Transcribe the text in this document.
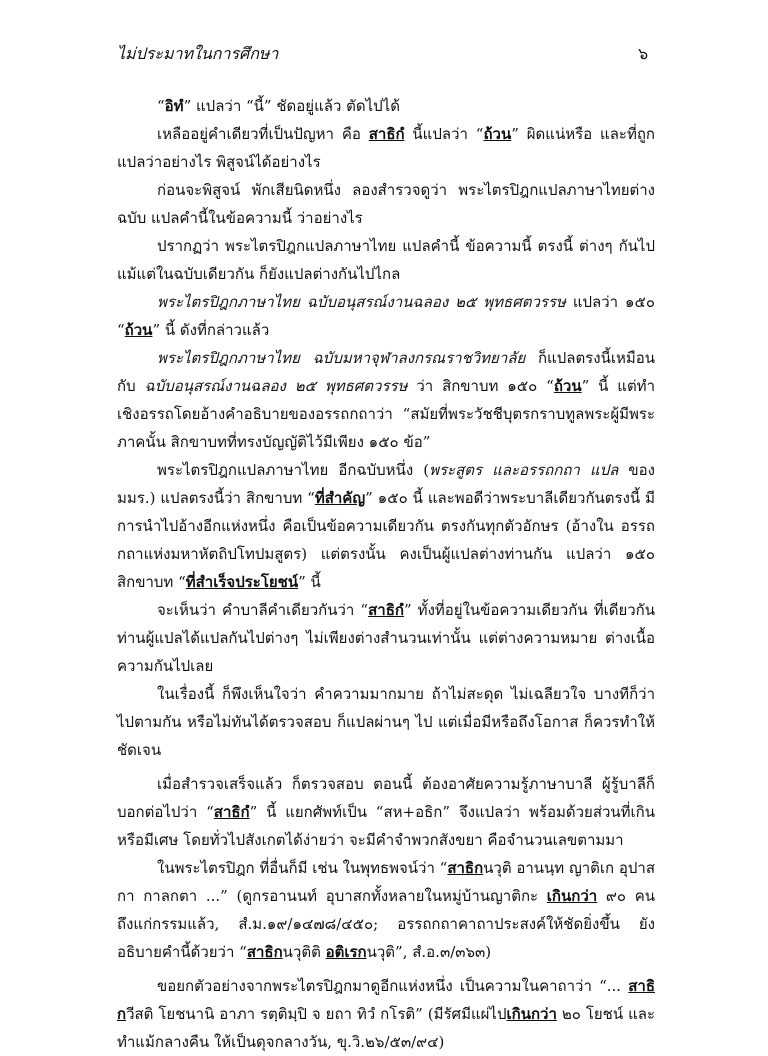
ไม่ประมาทในการศึกษา	๖

“อิทํ” แปลว่า “นี้” ชัดอยู่แล้ว ตัดไปได้

เหลืออยู่คำเดียวที่เป็นปัญหา คือ สาธิกํ นี้แปลว่า “ถ้วน” ผิดแน่หรือ และที่ถูกแปลว่าอย่างไร พิสูจน์ได้อย่างไร

ก่อนจะพิสูจน์ พักเสียนิดหนึ่ง ลองสำรวจดูว่า พระไตรปิฎกแปลภาษาไทยต่างฉบับ แปลคำนี้ในข้อความนี้ ว่าอย่างไร

ปรากฏว่า พระไตรปิฎกแปลภาษาไทย แปลคำนี้ ข้อความนี้ ตรงนี้ ต่างๆ กันไป แม้แต่ในฉบับเดียวกัน ก็ยังแปลต่างกันไปไกล

พระไตรปิฎกภาษาไทย ฉบับอนุสรณ์งานฉลอง ๒๕ พุทธศตวรรษ แปลว่า ๑๕๐ “ถ้วน” นี้ ดังที่กล่าวแล้ว

พระไตรปิฎกภาษาไทย ฉบับมหาจุฬาลงกรณราชวิทยาลัย ก็แปลตรงนี้เหมือนกับ ฉบับอนุสรณ์งานฉลอง ๒๕ พุทธศตวรรษ ว่า สิกขาบท ๑๕๐ “ถ้วน” นี้ แต่ทำเชิงอรรถโดยอ้างคำอธิบายของอรรถกถาว่า “สมัยที่พระวัชชีบุตรกราบทูลพระผู้มีพระภาคนั้น สิกขาบทที่ทรงบัญญัติไว้มีเพียง ๑๕๐ ข้อ”

พระไตรปิฎกแปลภาษาไทย อีกฉบับหนึ่ง (พระสูตร และอรรถกถา แปล ของ มมร.) แปลตรงนี้ว่า สิกขาบท “ที่สำคัญ” ๑๕๐ นี้ และพอดีว่าพระบาลีเดียวกันตรงนี้ มีการนำไปอ้างอีกแห่งหนึ่ง คือเป็นข้อความเดียวกัน ตรงกันทุกตัวอักษร (อ้างใน อรรถกถาแห่งมหาหัตถิปโทปมสูตร) แต่ตรงนั้น คงเป็นผู้แปลต่างท่านกัน แปลว่า ๑๕๐ สิกขาบท “ที่สำเร็จประโยชน์” นี้

จะเห็นว่า คำบาลีคำเดียวกันว่า “สาธิกํ” ทั้งที่อยู่ในข้อความเดียวกัน ที่เดียวกัน ท่านผู้แปลได้แปลกันไปต่างๆ ไม่เพียงต่างสำนวนเท่านั้น แต่ต่างความหมาย ต่างเนื้อความกันไปเลย

ในเรื่องนี้ ก็พึงเห็นใจว่า คำความมากมาย ถ้าไม่สะดุด ไม่เฉลียวใจ บางทีก็ว่าไปตามกัน หรือไม่ทันได้ตรวจสอบ ก็แปลผ่านๆ ไป แต่เมื่อมีหรือถึงโอกาส ก็ควรทำให้ชัดเจน

เมื่อสำรวจเสร็จแล้ว ก็ตรวจสอบ ตอนนี้ ต้องอาศัยความรู้ภาษาบาลี ผู้รู้บาลีก็บอกต่อไปว่า “สาธิกํ” นี้ แยกศัพท์เป็น “สห+อธิก” จึงแปลว่า พร้อมด้วยส่วนที่เกิน หรือมีเศษ โดยทั่วไปสังเกตได้ง่ายว่า จะมีคำจำพวกสังขยา คือจำนวนเลขตามมา

ในพระไตรปิฎก ที่อื่นก็มี เช่น ในพุทธพจน์ว่า “สาธิกนวุติ อานนฺท ญาติเก อุปาสกา กาลกตา ...” (ดูกรอานนท์ อุบาสกทั้งหลายในหมู่บ้านญาติกะ เกินกว่า ๙๐ คน ถึงแก่กรรมแล้ว, สํ.ม.๑๙/๑๔๗๘/๔๕๐; อรรถกถาคาถาประสงค์ให้ชัดยิ่งขึ้น ยังอธิบายคำนี้ด้วยว่า “สาธิกนวุติติ อติเรกนวุติ”, สํ.อ.๓/๓๖๓)

ขอยกตัวอย่างจากพระไตรปิฎกมาดูอีกแห่งหนึ่ง เป็นความในคาถาว่า “... สาธิกวีสติ โยชนานิ อาภา รตฺติมฺปิ จ ยถา ทิวํ กโรติ” (มีรัศมีแผ่ไปเกินกว่า ๒๐ โยชน์ และทำแม้กลางคืน ให้เป็นดุจกลางวัน, ขุ.วิ.๒๖/๕๓/๙๔)
